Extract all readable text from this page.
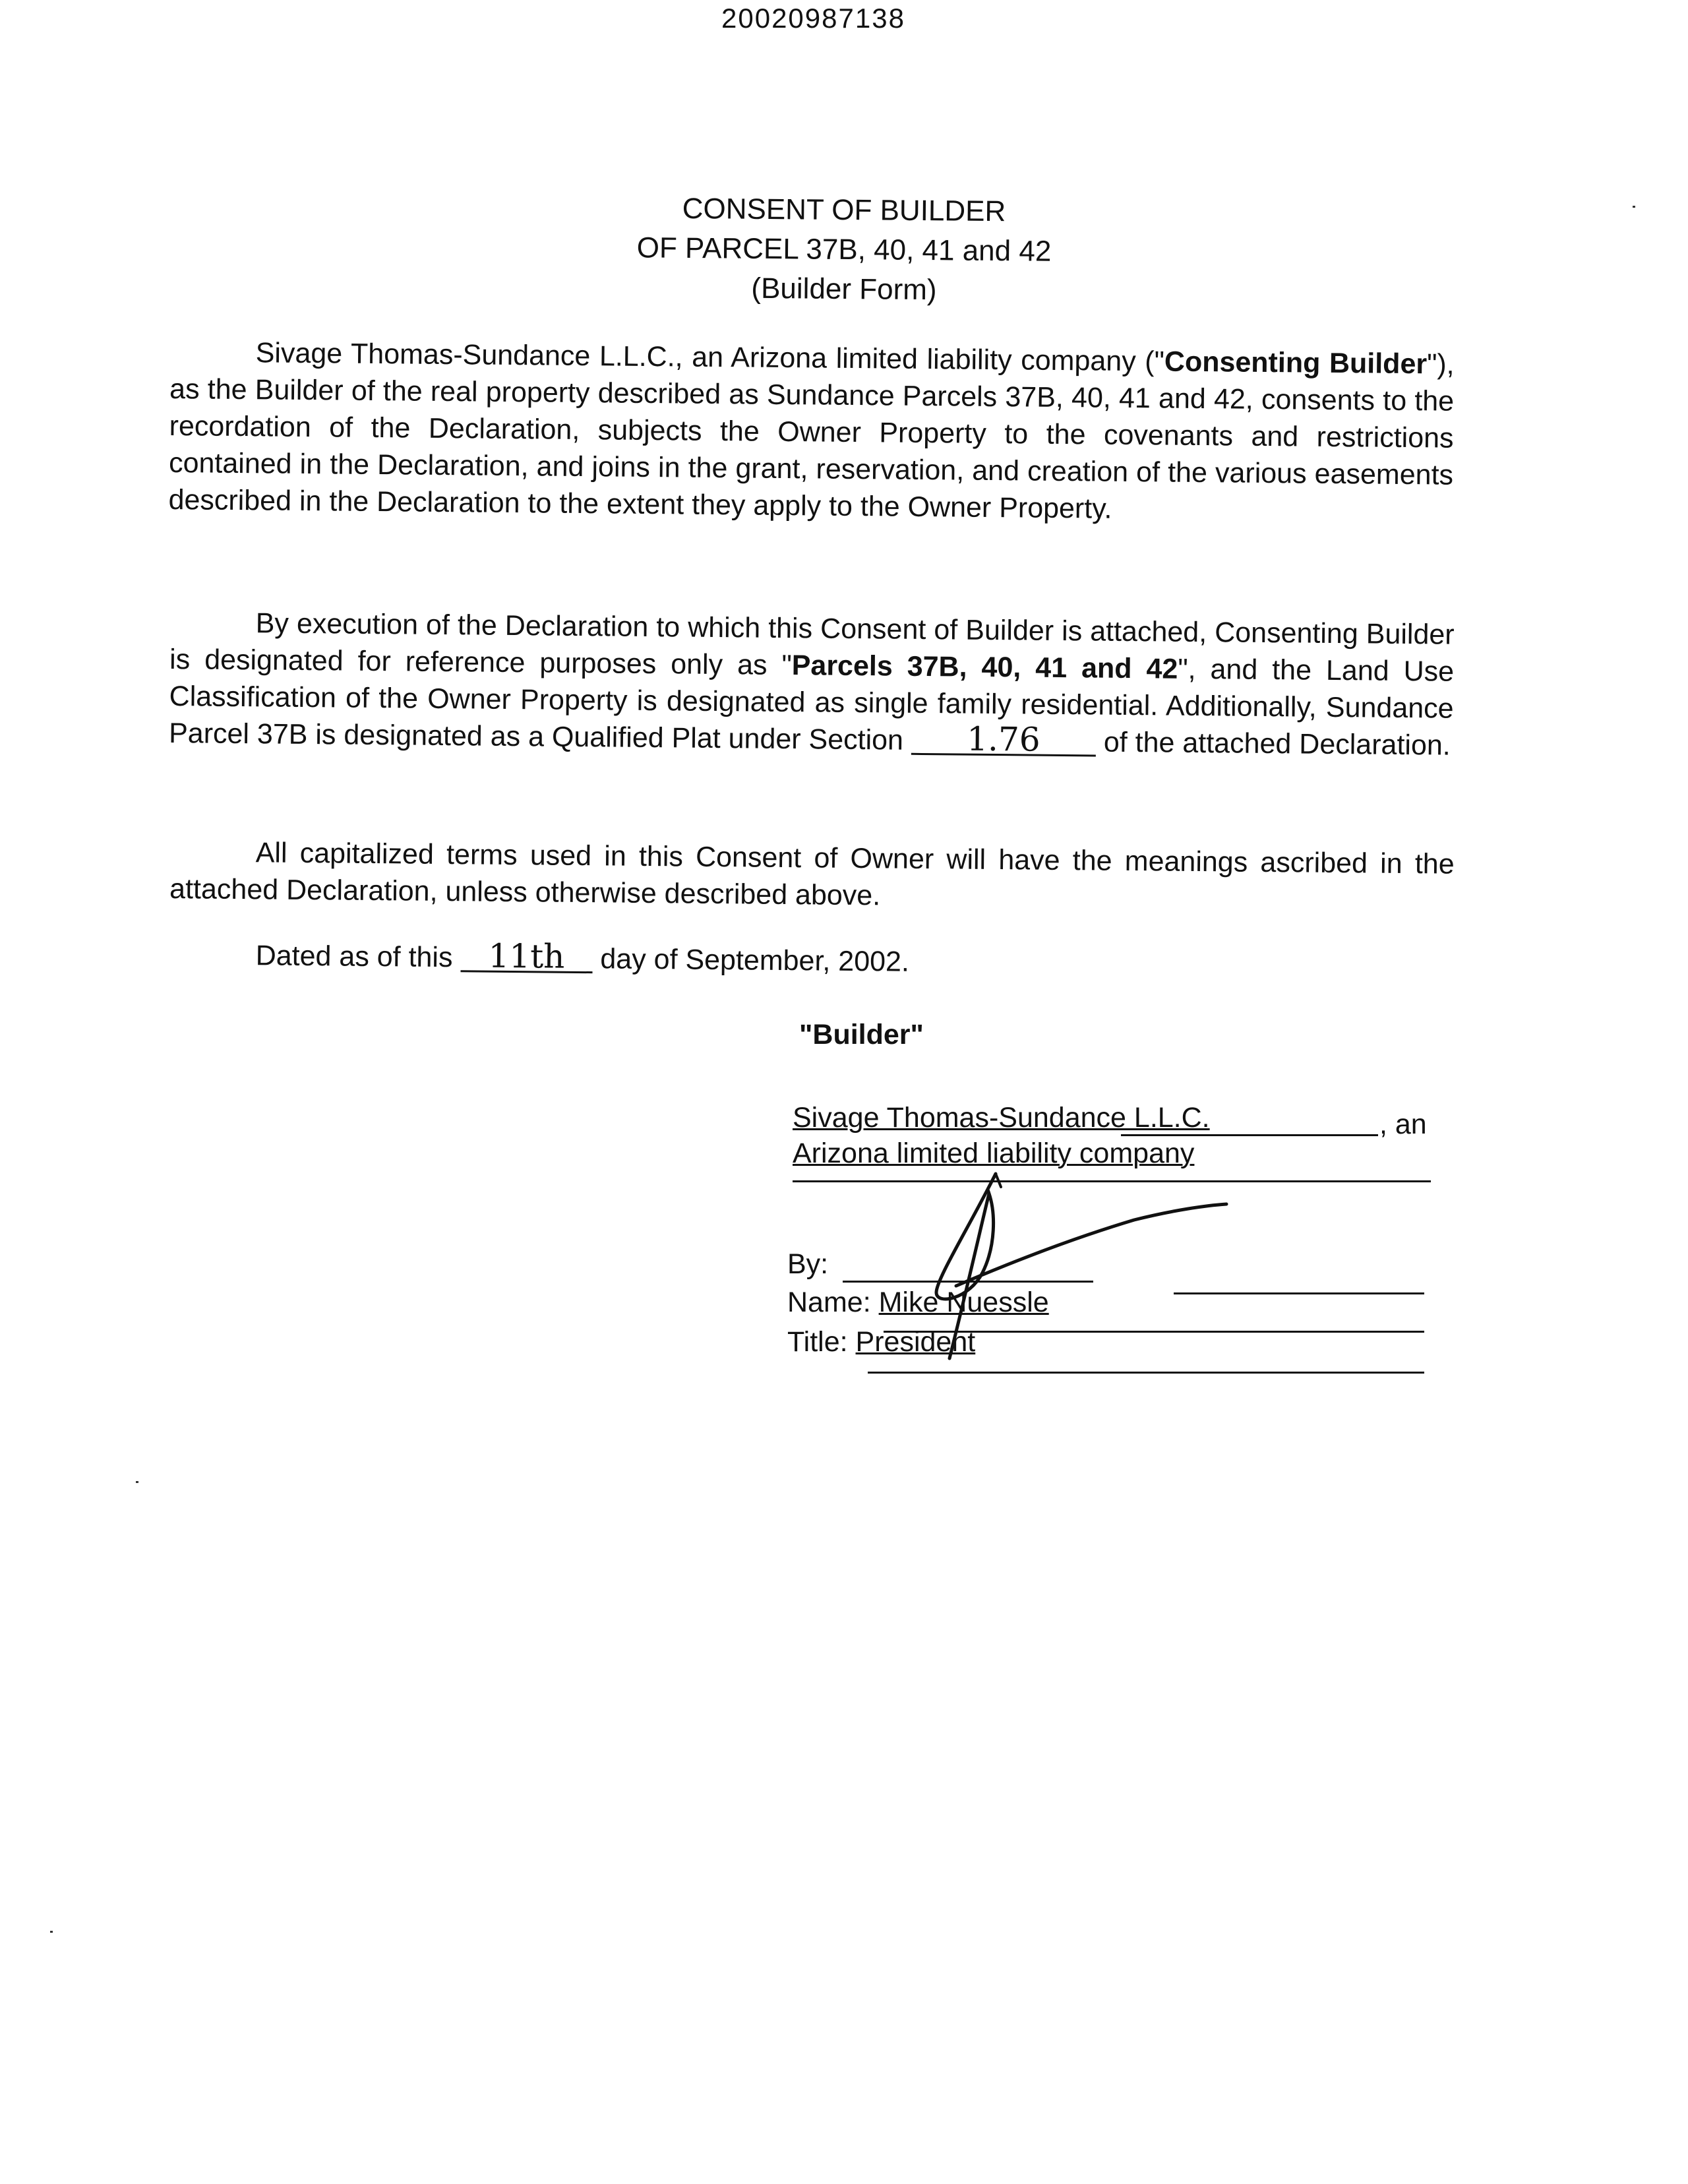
20020987138
CONSENT OF BUILDER
OF PARCEL 37B, 40, 41 and 42
(Builder Form)
Sivage Thomas-Sundance L.L.C., an Arizona limited liability company ("Consenting Builder"), as the Builder of the real property described as Sundance Parcels 37B, 40, 41 and 42, consents to the recordation of the Declaration, subjects the Owner Property to the covenants and restrictions contained in the Declaration, and joins in the grant, reservation, and creation of the various easements described in the Declaration to the extent they apply to the Owner Property.
By execution of the Declaration to which this Consent of Builder is attached, Consenting Builder is designated for reference purposes only as "Parcels 37B, 40, 41 and 42", and the Land Use Classification of the Owner Property is designated as single family residential. Additionally, Sundance Parcel 37B is designated as a Qualified Plat under Section 1.76 of the attached Declaration.
All capitalized terms used in this Consent of Owner will have the meanings ascribed in the attached Declaration, unless otherwise described above.
Dated as of this 11th day of September, 2002.
"Builder"
Sivage Thomas-Sundance L.L.C.	, an
Arizona limited liability company
By:
Name: Mike Nuessle
Title: President
